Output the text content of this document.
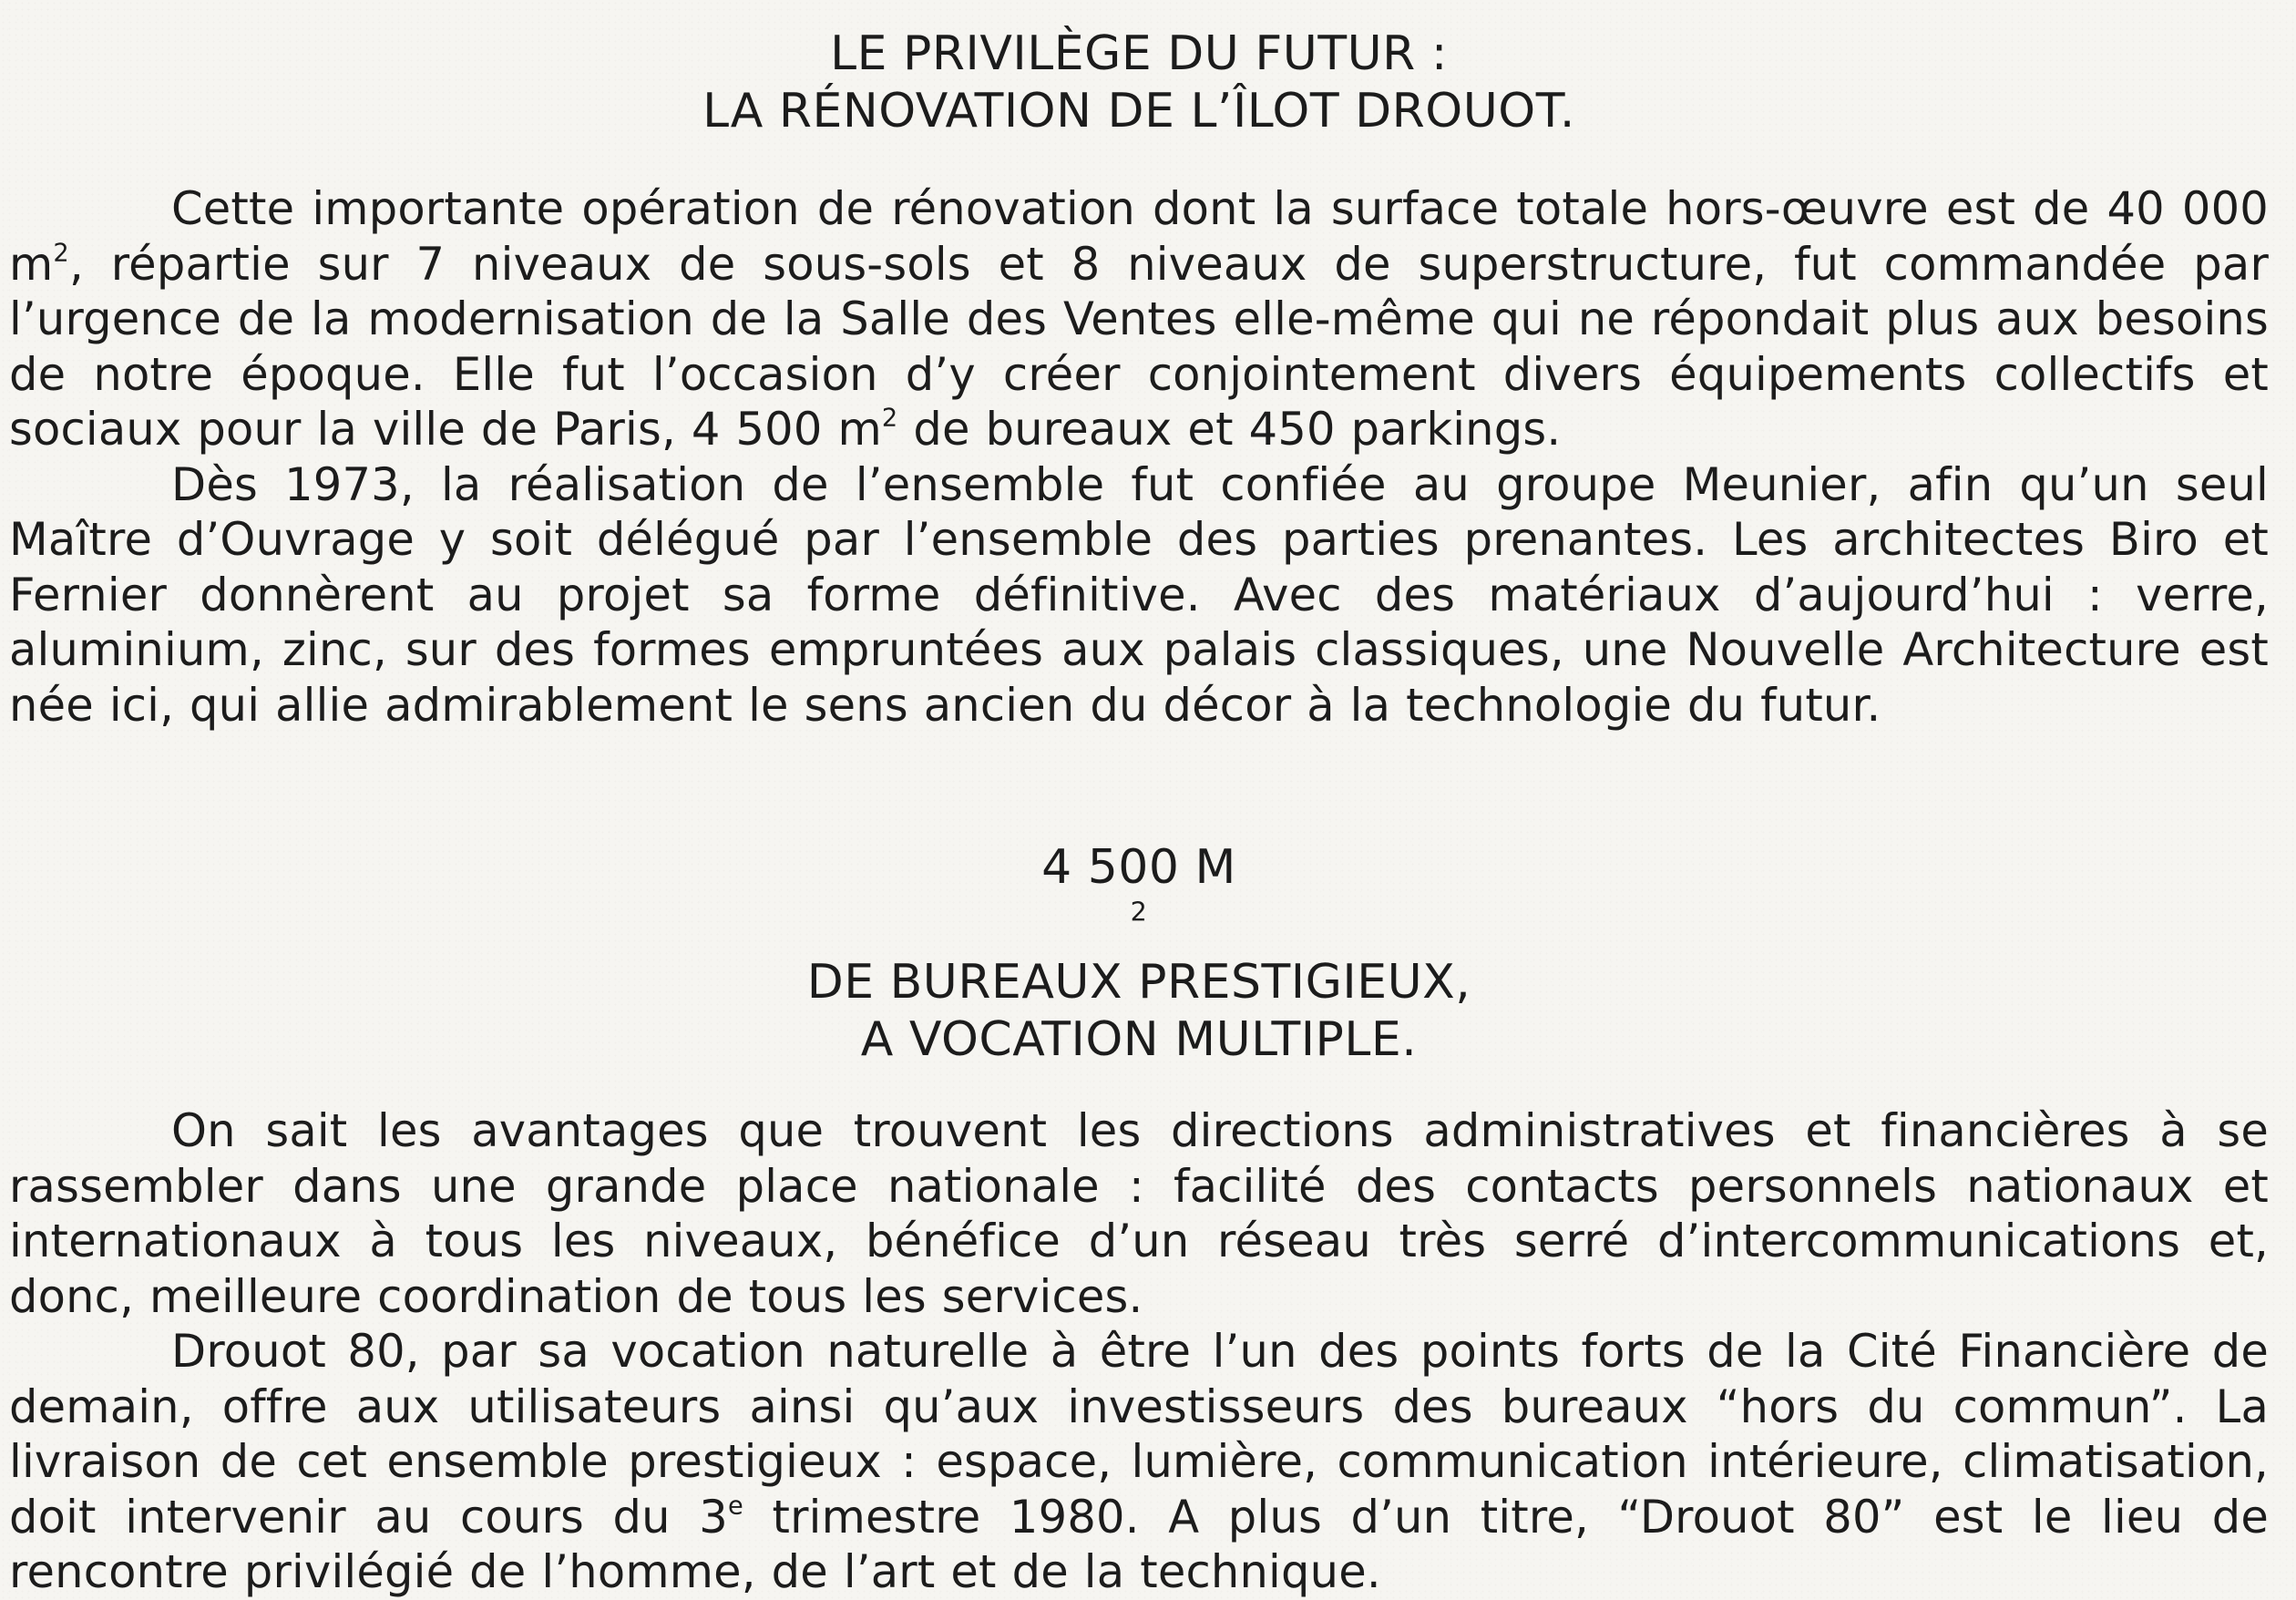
LE PRIVILÈGE DU FUTUR :
LA RÉNOVATION DE L’ÎLOT DROUOT.

Cette importante opération de rénovation dont la surface totale hors-œuvre est de 40 000 $m^2$, répartie sur 7 niveaux de sous-sols et 8 niveaux de superstructure, fut commandée par l’urgence de la modernisation de la Salle des Ventes elle-même qui ne répondait plus aux besoins de notre époque. Elle fut l’occasion d’y créer conjointement divers équipements collectifs et sociaux pour la ville de Paris, 4 500 $m^2$ de bureaux et 450 parkings.

Dès 1973, la réalisation de l’ensemble fut confiée au groupe Meunier, afin qu’un seul Maître d’Ouvrage y soit délégué par l’ensemble des parties prenantes. Les architectes Biro et Fernier donnèrent au projet sa forme définitive. Avec des matériaux d’aujourd’hui : verre, aluminium, zinc, sur des formes empruntées aux palais classiques, une Nouvelle Architecture est née ici, qui allie admirablement le sens ancien du décor à la technologie du futur.

4 500 M
$^2$
DE BUREAUX PRESTIGIEUX,
A VOCATION MULTIPLE.

On sait les avantages que trouvent les directions administratives et financières à se rassembler dans une grande place nationale : facilité des contacts personnels nationaux et internationaux à tous les niveaux, bénéfice d’un réseau très serré d’intercommunications et, donc, meilleure coordination de tous les services.

Drouot 80, par sa vocation naturelle à être l’un des points forts de la Cité Financière de demain, offre aux utilisateurs ainsi qu’aux investisseurs des bureaux “hors du commun”. La livraison de cet ensemble prestigieux : espace, lumière, communication intérieure, climatisation, doit intervenir au cours du 3e trimestre 1980. A plus d’un titre, “Drouot 80” est le lieu de rencontre privilégié de l’homme, de l’art et de la technique.
